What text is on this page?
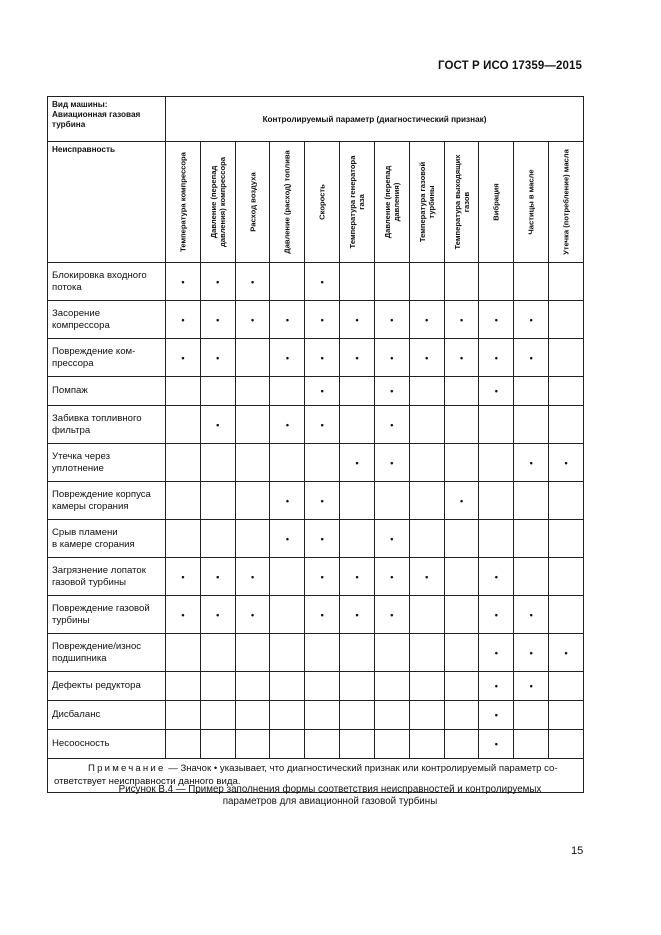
ГОСТ Р ИСО 17359—2015
Вид машины:
Авиационная газовая турбина	Контролируемый параметр (диагностический признак)											
Неисправность	Температура компрессора	Давление (перепад давления) компрессора	Расход воздуха	Давление (расход) топлива	Скорость	Температура генератора газа	Давление (перепад давления)	Температура газовой турбины	Температура выходящих газов	Вибрация	Частицы в масле	Утечка (потребление) масла

Блокировка входного
потока	•	•	•		•							
Засорение
компрессора	•	•	•	•	•	•	•	•	•	•	•	
Повреждение ком-
прессора	•	•		•	•	•	•	•	•	•	•	
Помпаж					•		•			•		
Забивка топливного
фильтра		•		•	•		•					
Утечка через
уплотнение						•	•				•	•
Повреждение корпуса
камеры сгорания				•	•				•			
Срыв пламени
в камере сгорания				•	•		•					
Загрязнение лопаток
газовой турбины	•	•	•		•	•	•	•		•		
Повреждение газовой
турбины	•	•	•		•	•	•			•	•	
Повреждение/износ
подшипника										•	•	•
Дефекты редуктора										•	•	
Дисбаланс										•		
Несоосность										•		
Примечание — Значок • указывает, что диагностический признак или контролируемый параметр со-ответствует неисправности данного вида.												
Рисунок В.4 — Пример заполнения формы соответствия неисправностей и контролируемых
параметров для авиационной газовой турбины
15
